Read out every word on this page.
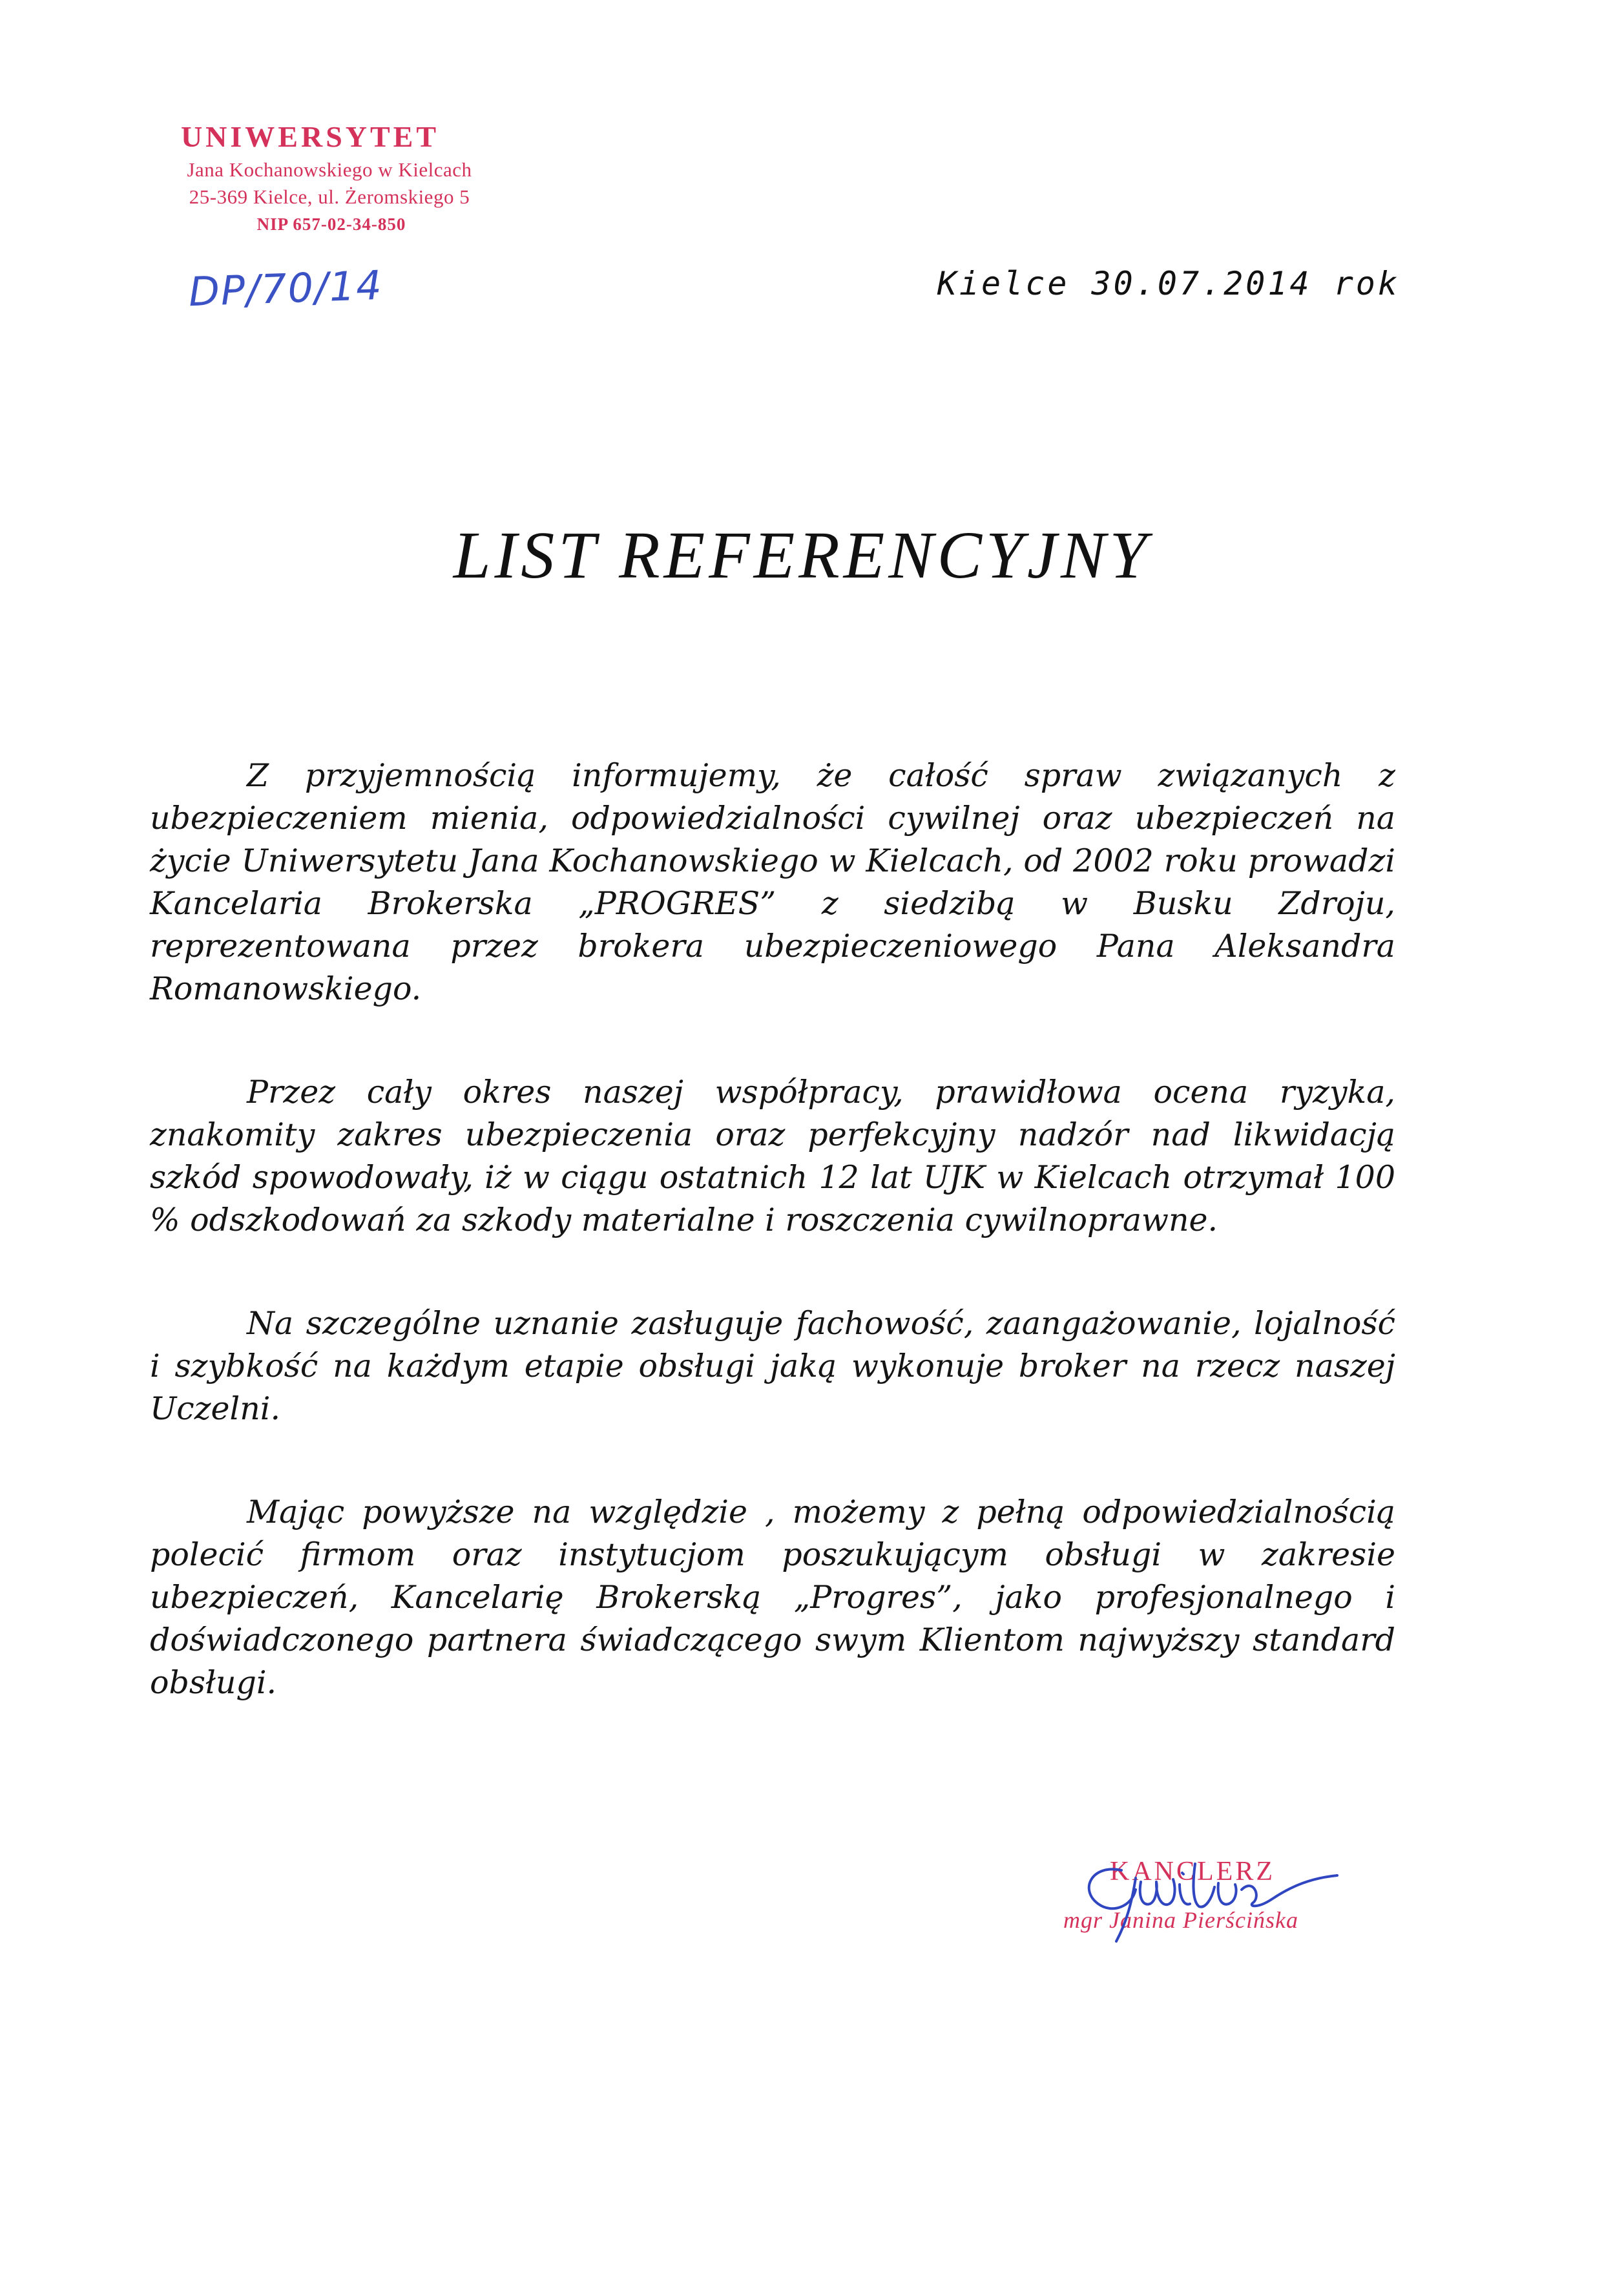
UNIWERSYTET
Jana Kochanowskiego w Kielcach
25-369 Kielce, ul. Żeromskiego 5
NIP 657-02-34-850
DP/70/14	Kielce 30.07.2014 rok
LIST REFERENCYJNY

Z przyjemnością informujemy, że całość spraw związanych z ubezpieczeniem mienia, odpowiedzialności cywilnej oraz ubezpieczeń na życie Uniwersytetu Jana Kochanowskiego w Kielcach, od 2002 roku prowadzi Kancelaria Brokerska „PROGRES” z siedzibą w Busku Zdroju, reprezentowana przez brokera ubezpieczeniowego Pana Aleksandra Romanowskiego.

Przez cały okres naszej współpracy, prawidłowa ocena ryzyka, znakomity zakres ubezpieczenia oraz perfekcyjny nadzór nad likwidacją szkód spowodowały, iż w ciągu ostatnich 12 lat UJK w Kielcach otrzymał 100 % odszkodowań za szkody materialne i roszczenia cywilnoprawne.

Na szczególne uznanie zasługuje fachowość, zaangażowanie, lojalność i szybkość na każdym etapie obsługi jaką wykonuje broker na rzecz naszej Uczelni.

Mając powyższe na względzie , możemy z pełną odpowiedzialnością polecić firmom oraz instytucjom poszukującym obsługi w zakresie ubezpieczeń, Kancelarię Brokerską „Progres”, jako profesjonalnego i doświadczonego partnera świadczącego swym Klientom najwyższy standard obsługi.

KANCLERZ
mgr Janina Pierścińska
